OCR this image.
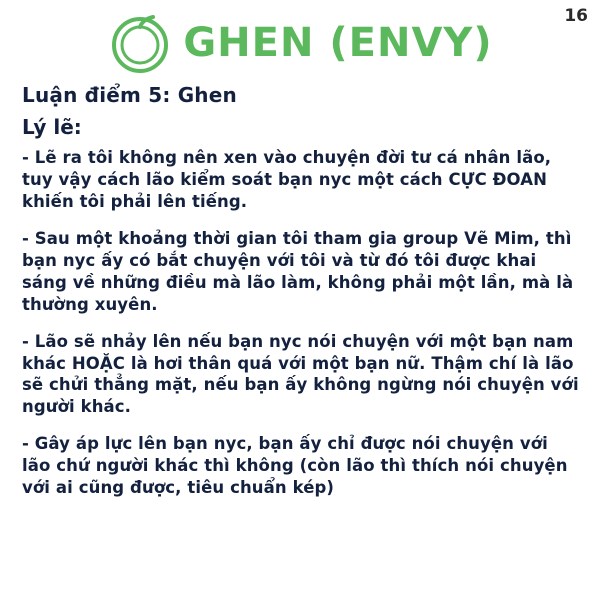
16
GHEN (ENVY)
Luận điểm 5: Ghen
Lý lẽ:

- Lẽ ra tôi không nên xen vào chuyện đời tư cá nhân lão, tuy vậy cách lão kiểm soát bạn nyc một cách CỰC ĐOAN khiến tôi phải lên tiếng.

- Sau một khoảng thời gian tôi tham gia group Vẽ Mim, thì bạn nyc ấy có bắt chuyện với tôi và từ đó tôi được khai sáng về những điều mà lão làm, không phải một lần, mà là thường xuyên.

- Lão sẽ nhảy lên nếu bạn nyc nói chuyện với một bạn nam khác HOẶC là hơi thân quá với một bạn nữ. Thậm chí là lão sẽ chửi thẳng mặt, nếu bạn ấy không ngừng nói chuyện với người khác.

- Gây áp lực lên bạn nyc, bạn ấy chỉ được nói chuyện với lão chứ người khác thì không (còn lão thì thích nói chuyện với ai cũng được, tiêu chuẩn kép)
